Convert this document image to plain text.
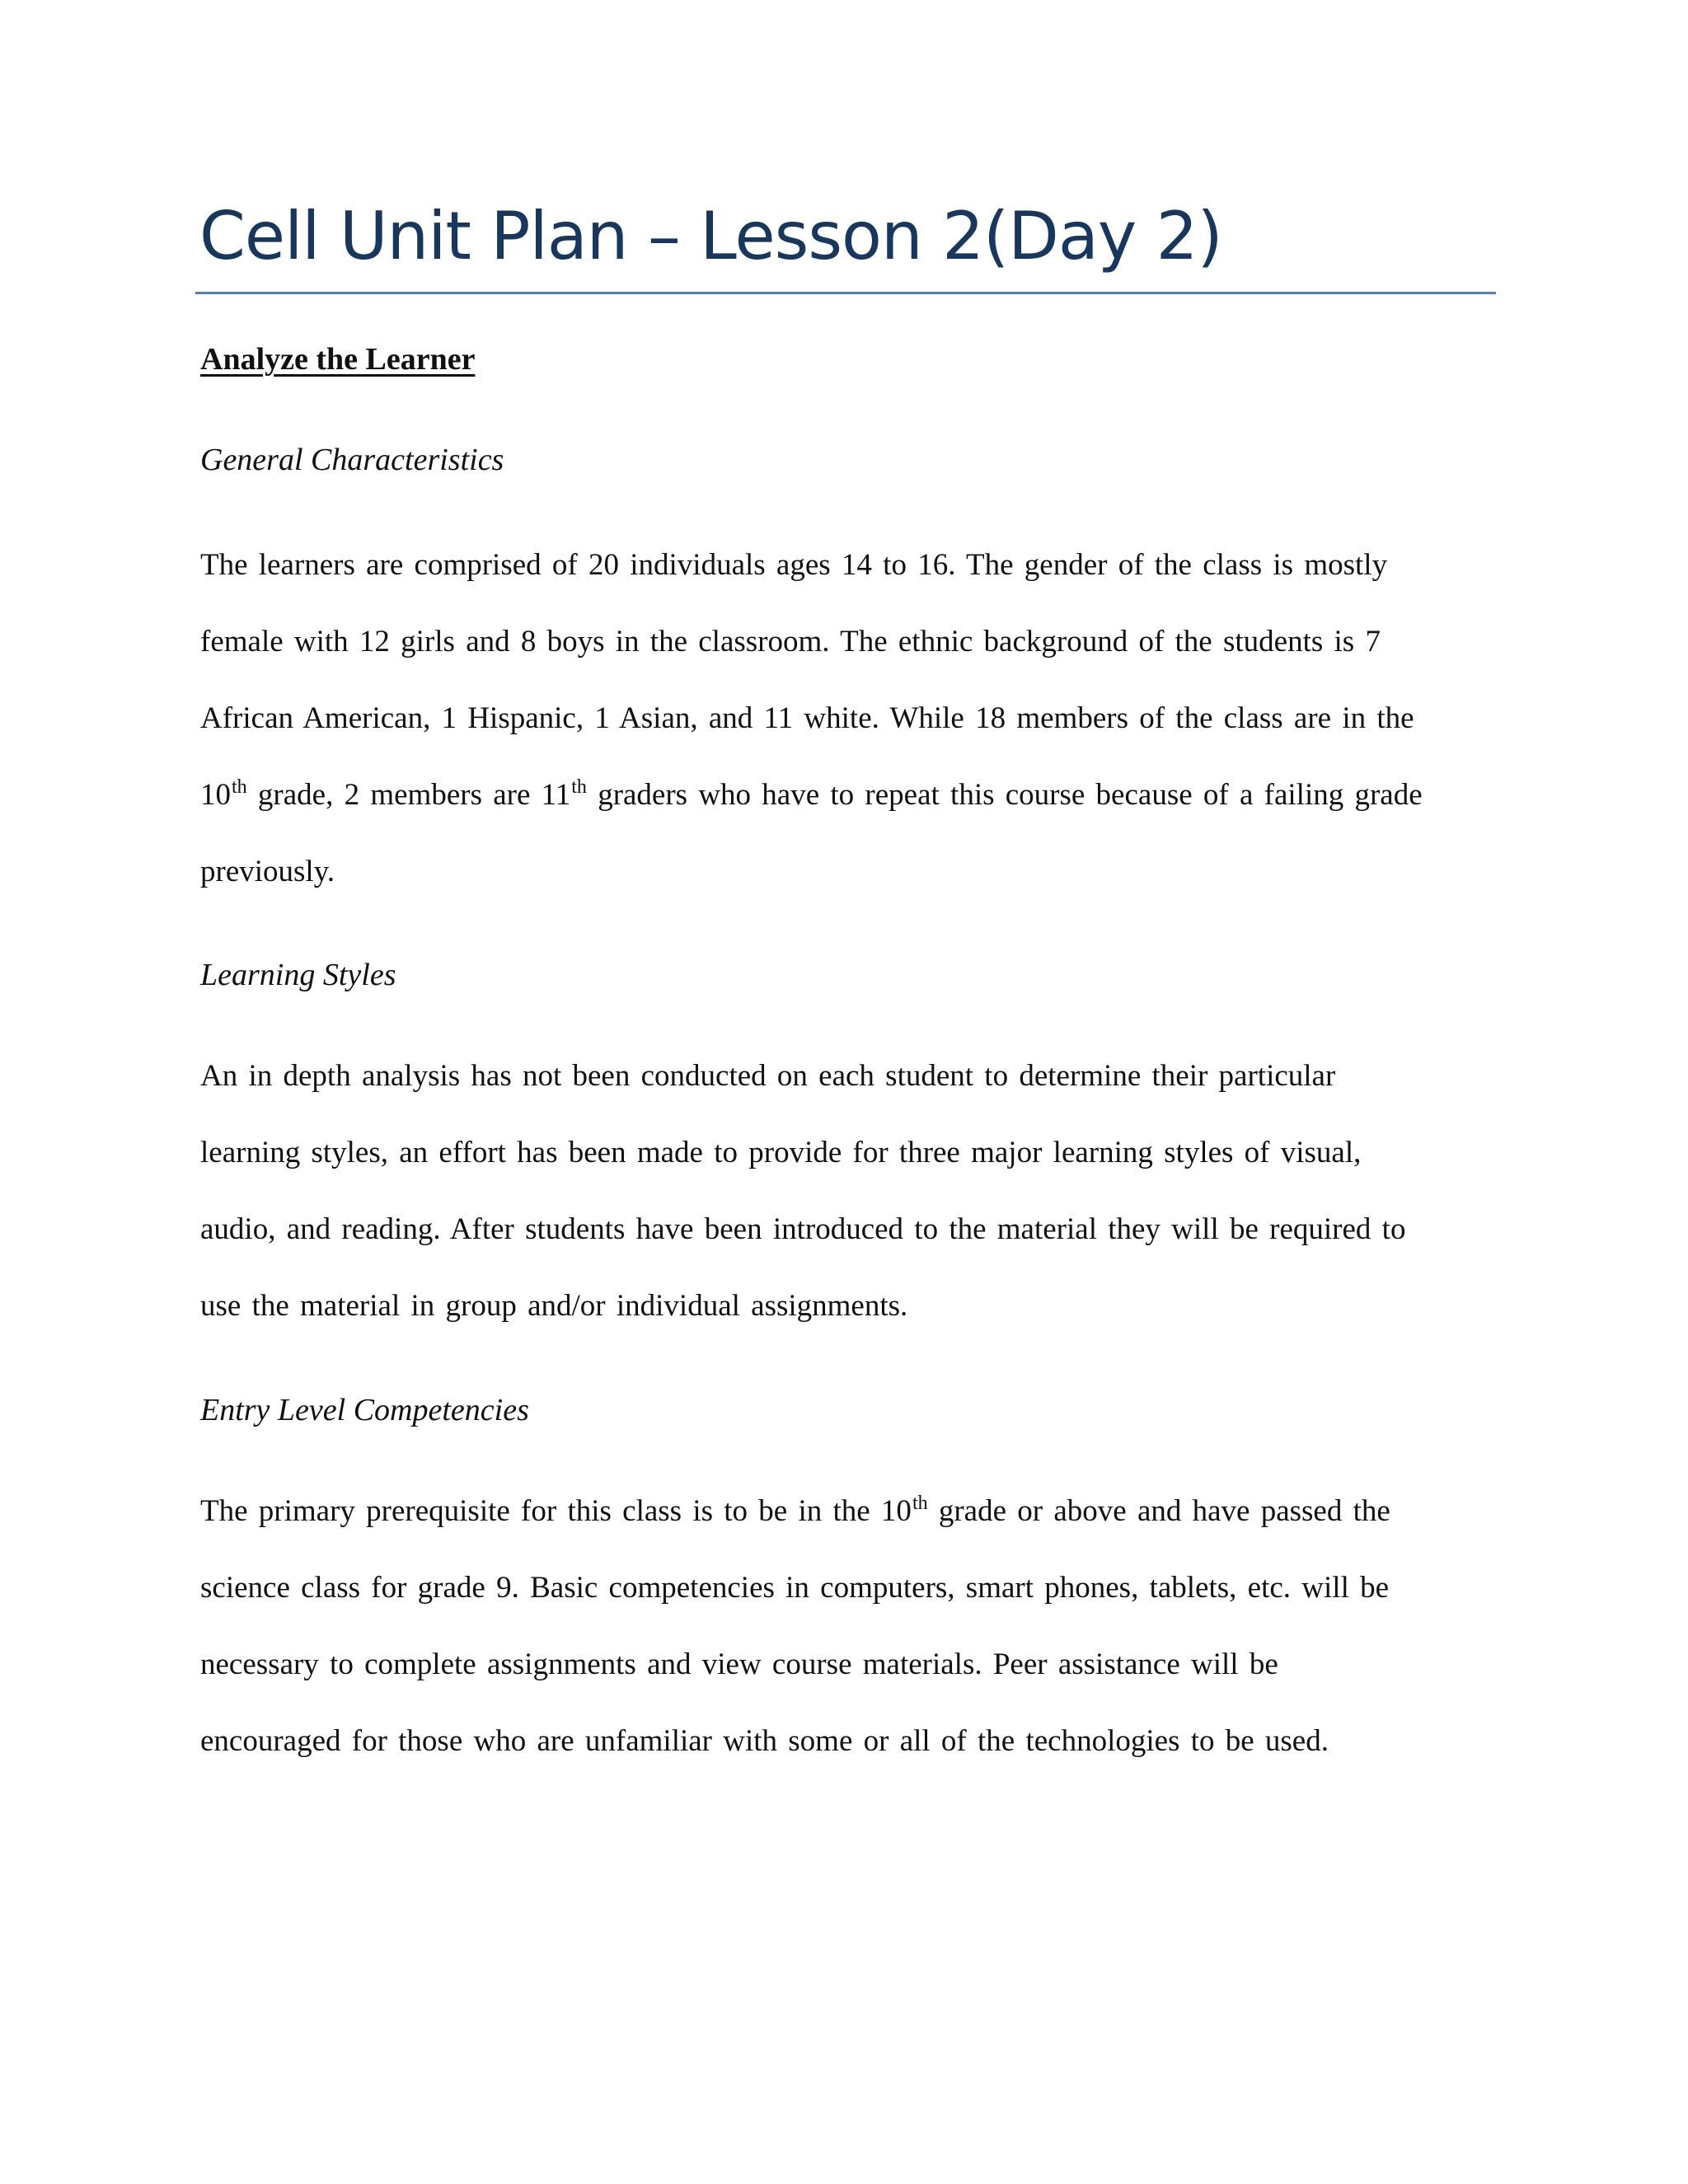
Cell Unit Plan – Lesson 2(Day 2)
Analyze the Learner
General Characteristics
The learners are comprised of 20 individuals ages 14 to 16. The gender of the class is mostly
female with 12 girls and 8 boys in the classroom. The ethnic background of the students is 7
African American, 1 Hispanic, 1 Asian, and 11 white. While 18 members of the class are in the
10th grade, 2 members are 11th graders who have to repeat this course because of a failing grade
previously.
Learning Styles
An in depth analysis has not been conducted on each student to determine their particular
learning styles, an effort has been made to provide for three major learning styles of visual,
audio, and reading. After students have been introduced to the material they will be required to
use the material in group and/or individual assignments.
Entry Level Competencies
The primary prerequisite for this class is to be in the 10th grade or above and have passed the
science class for grade 9. Basic competencies in computers, smart phones, tablets, etc. will be
necessary to complete assignments and view course materials. Peer assistance will be
encouraged for those who are unfamiliar with some or all of the technologies to be used.
